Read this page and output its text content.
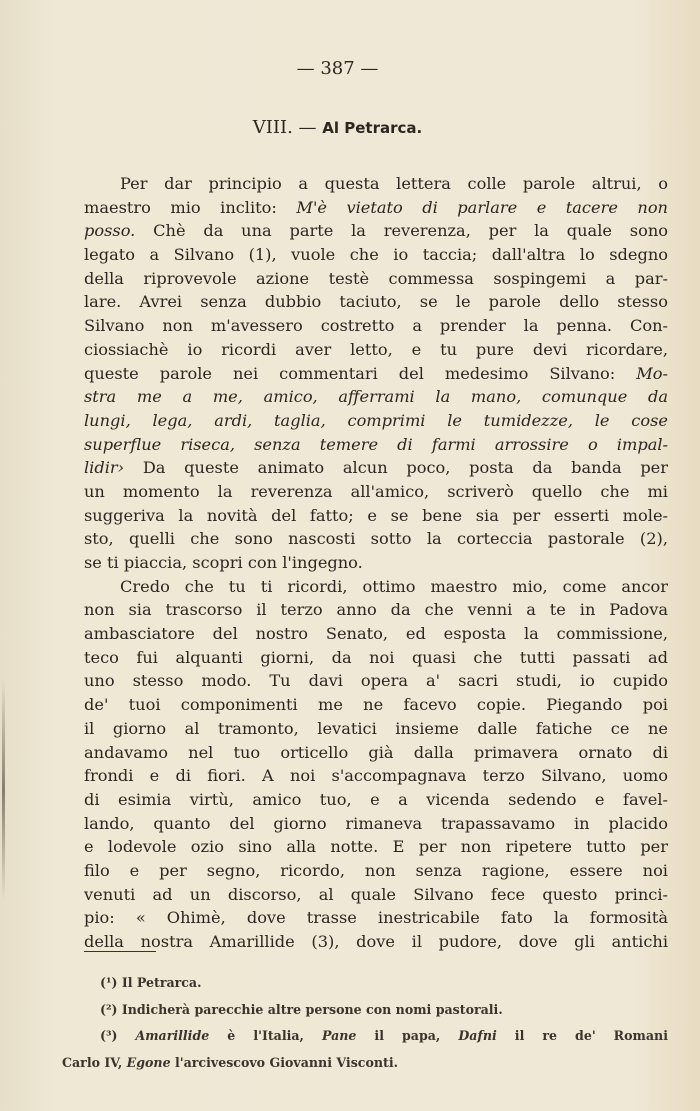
— 387 —
VIII. — Al Petrarca.
Per dar principio a questa lettera colle parole altrui, o
maestro mio inclito: M'è vietato di parlare e tacere non
posso. Chè da una parte la reverenza, per la quale sono
legato a Silvano (1), vuole che io taccia; dall'altra lo sdegno
della riprovevole azione testè commessa sospingemi a par-
lare. Avrei senza dubbio taciuto, se le parole dello stesso
Silvano non m'avessero costretto a prender la penna. Con-
ciossiachè io ricordi aver letto, e tu pure devi ricordare,
queste parole nei commentari del medesimo Silvano: Mo-
stra me a me, amico, afferrami la mano, comunque da
lungi, lega, ardi, taglia, comprimi le tumidezze, le cose
superflue riseca, senza temere di farmi arrossire o impal-
lidir› Da queste animato alcun poco, posta da banda per
un momento la reverenza all'amico, scriverò quello che mi
suggeriva la novità del fatto; e se bene sia per esserti mole-
sto, quelli che sono nascosti sotto la corteccia pastorale (2),
se ti piaccia, scopri con l'ingegno.
Credo che tu ti ricordi, ottimo maestro mio, come ancor
non sia trascorso il terzo anno da che venni a te in Padova
ambasciatore del nostro Senato, ed esposta la commissione,
teco fui alquanti giorni, da noi quasi che tutti passati ad
uno stesso modo. Tu davi opera a' sacri studi, io cupido
de' tuoi componimenti me ne facevo copie. Piegando poi
il giorno al tramonto, levatici insieme dalle fatiche ce ne
andavamo nel tuo orticello già dalla primavera ornato di
frondi e di fiori. A noi s'accompagnava terzo Silvano, uomo
di esimia virtù, amico tuo, e a vicenda sedendo e favel-
lando, quanto del giorno rimaneva trapassavamo in placido
e lodevole ozio sino alla notte. E per non ripetere tutto per
filo e per segno, ricordo, non senza ragione, essere noi
venuti ad un discorso, al quale Silvano fece questo princi-
pio: « Ohimè, dove trasse inestricabile fato la formosità
della nostra Amarillide (3), dove il pudore, dove gli antichi
(¹) Il Petrarca.
(²) Indicherà parecchie altre persone con nomi pastorali.
(³) Amarillide è l'Italia, Pane il papa, Dafni il re de' Romani
Carlo IV, Egone l'arcivescovo Giovanni Visconti.
